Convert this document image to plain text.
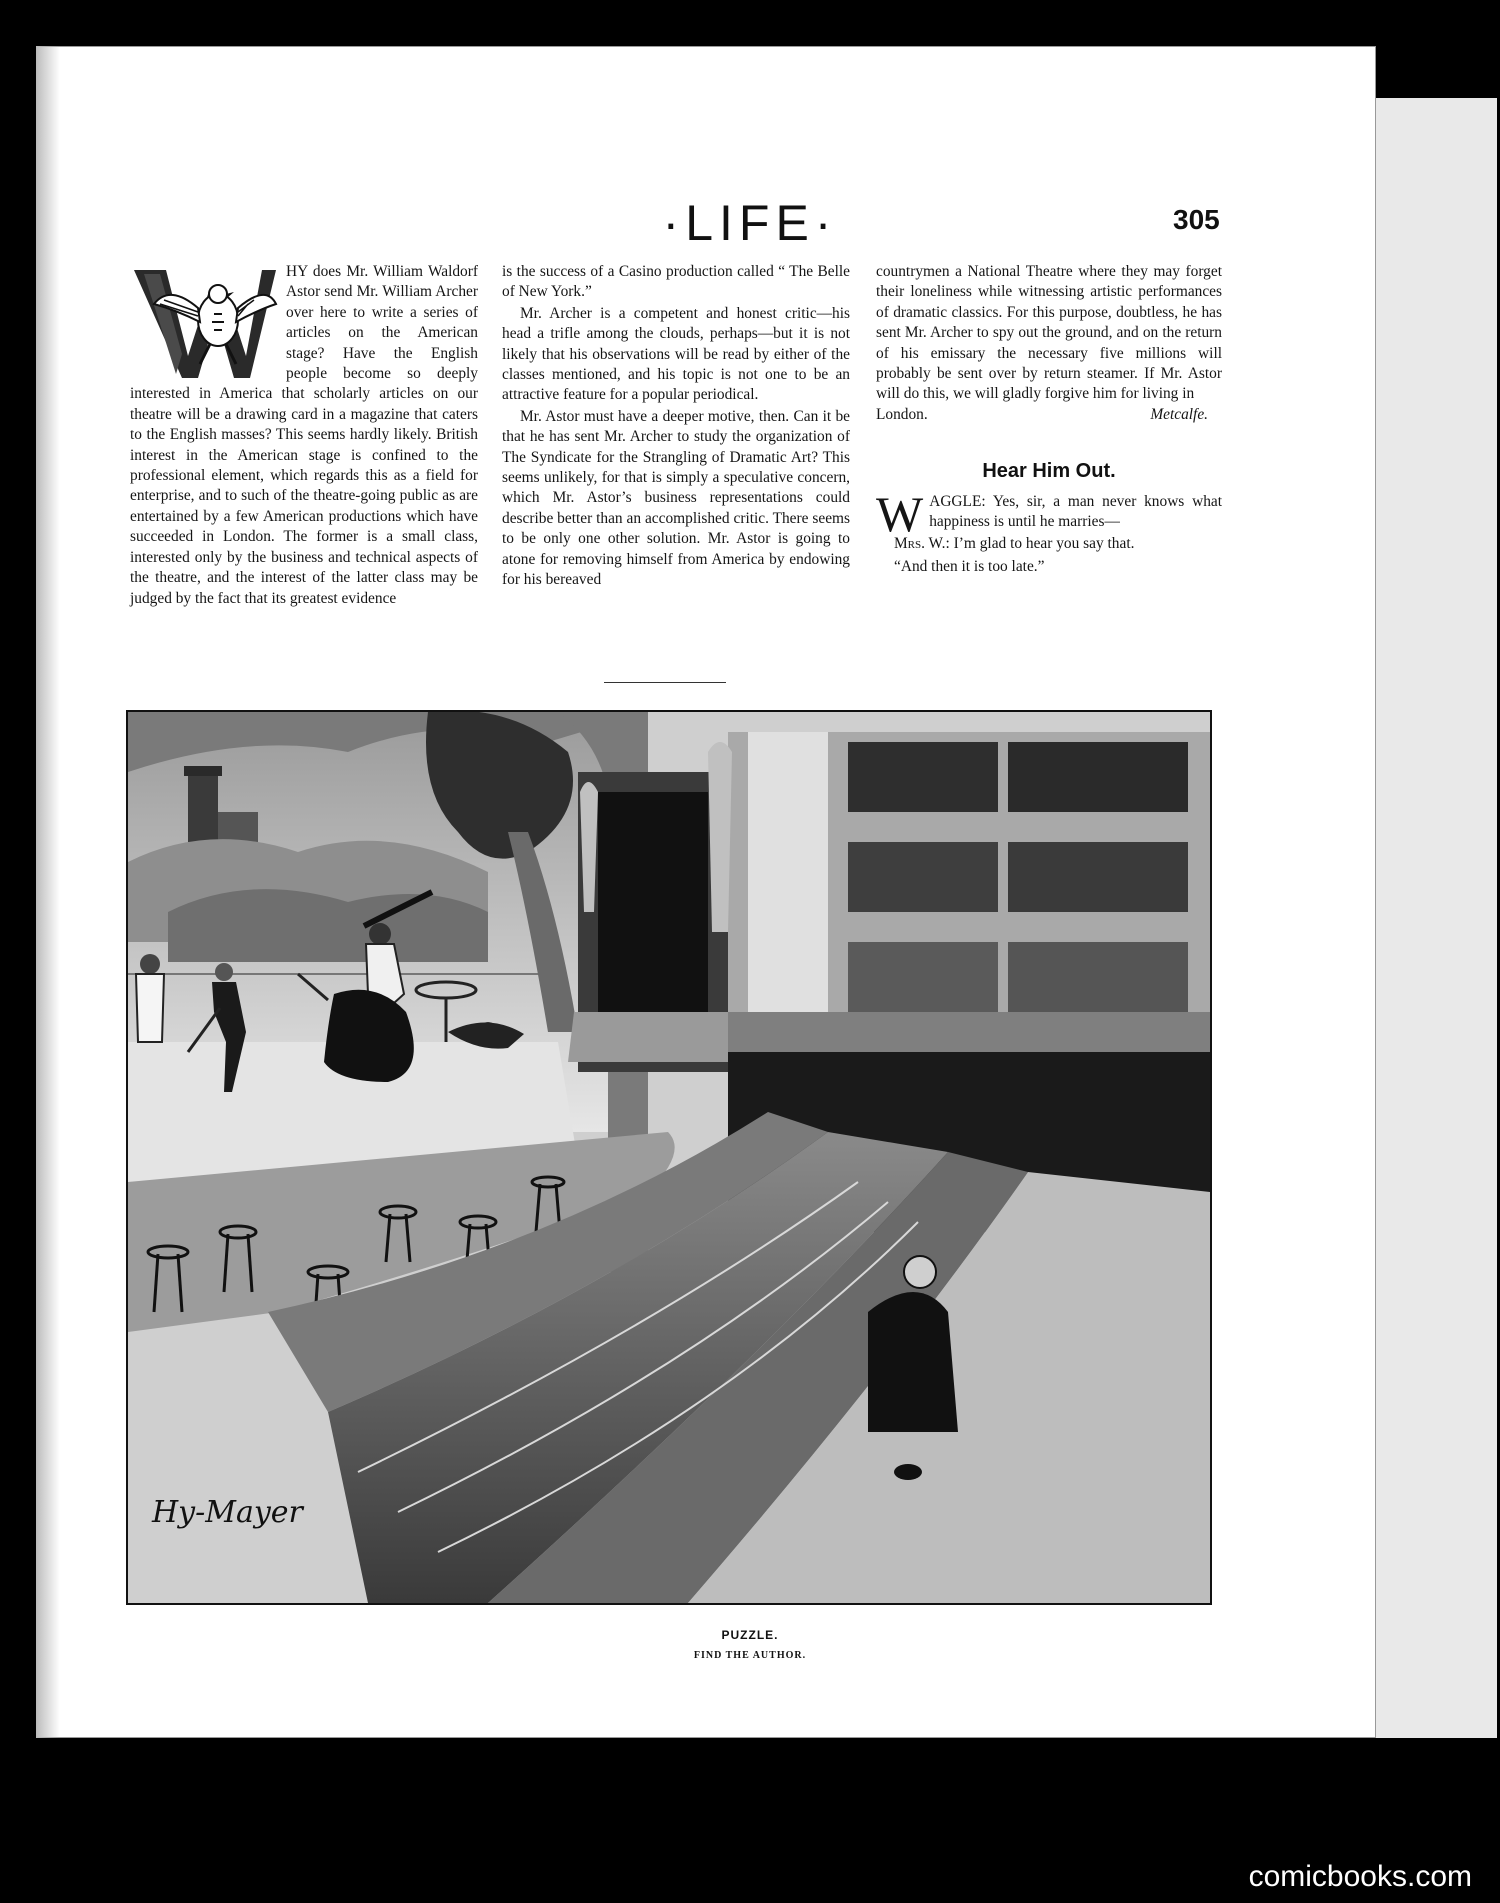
·LIFE·	305

HY does Mr. William Waldorf Astor send Mr. William Archer over here to write a series of articles on the American stage? Have the English people become so deeply interested in America that scholarly articles on our theatre will be a drawing card in a magazine that caters to the English masses? This seems hardly likely. British interest in the American stage is confined to the professional element, which regards this as a field for enterprise, and to such of the theatre-going public as are entertained by a few American productions which have succeeded in London. The former is a small class, interested only by the business and technical aspects of the theatre, and the interest of the latter class may be judged by the fact that its greatest evidence

is the success of a Casino production called “ The Belle of New York.”

Mr. Archer is a competent and honest critic—his head a trifle among the clouds, perhaps—but it is not likely that his observations will be read by either of the classes mentioned, and his topic is not one to be an attractive feature for a popular periodical.

Mr. Astor must have a deeper motive, then. Can it be that he has sent Mr. Archer to study the organization of The Syndicate for the Strangling of Dramatic Art? This seems unlikely, for that is simply a speculative concern, which Mr. Astor’s business representations could describe better than an accomplished critic. There seems to be only one other solution. Mr. Astor is going to atone for removing himself from America by endowing for his bereaved

countrymen a National Theatre where they may forget their loneliness while witnessing artistic performances of dramatic classics. For this purpose, doubtless, he has sent Mr. Archer to spy out the ground, and on the return of his emissary the necessary five millions will probably be sent over by return steamer. If Mr. Astor will do this, we will gladly forgive him for living in

London.	Metcalfe.

Hear Him Out.

WAGGLE: Yes, sir, a man never knows what happiness is until he marries—

Mrs. W.: I’m glad to hear you say that.

“And then it is too late.”

Hy-Mayer
PUZZLE.
FIND THE AUTHOR.
comicbooks.com
